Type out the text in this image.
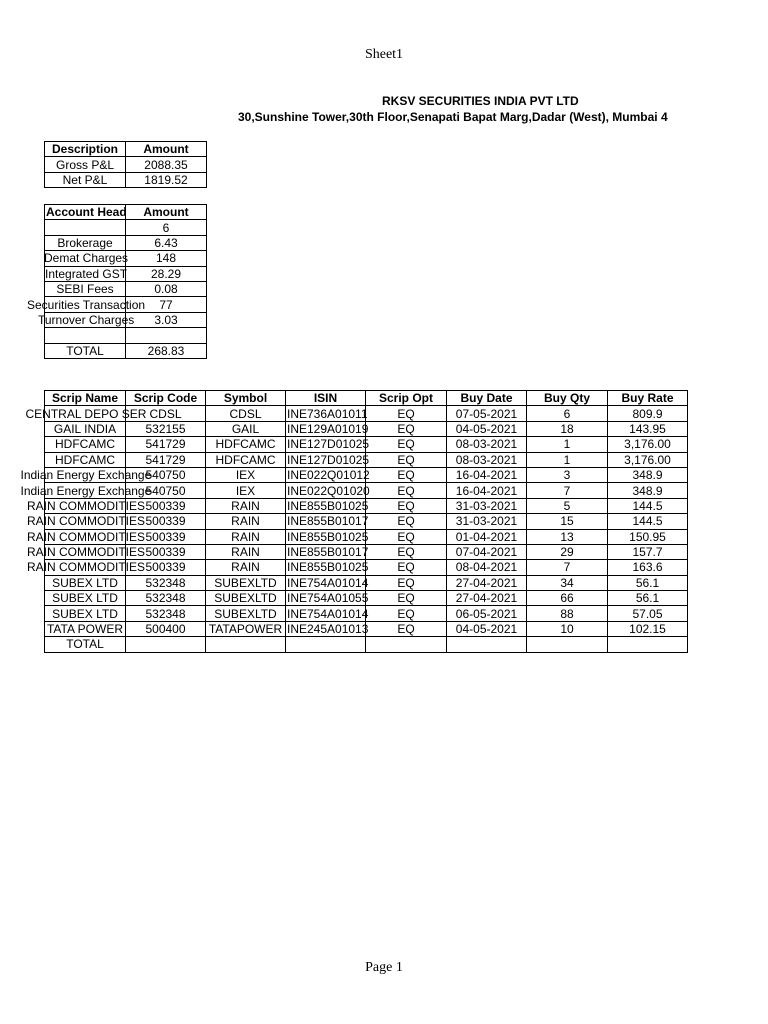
Sheet1
RKSV SECURITIES INDIA PVT LTD
30,Sunshine Tower,30th Floor,Senapati Bapat Marg,Dadar (West), Mumbai 4
Description	Amount
Gross P&L	2088.35
Net P&L	1819.52
Account Head	Amount
	6
Brokerage	6.43
Demat Charges	148
Integrated GST	28.29
SEBI Fees	0.08
Securities Transaction	77
Turnover Charges	3.03

TOTAL	268.83
Scrip Name	Scrip Code	Symbol	ISIN	Scrip Opt	Buy Date	Buy Qty	Buy Rate
CENTRAL DEPO SER	CDSL	CDSL	INE736A01011	EQ	07-05-2021	6	809.9
GAIL INDIA	532155	GAIL	INE129A01019	EQ	04-05-2021	18	143.95
HDFCAMC	541729	HDFCAMC	INE127D01025	EQ	08-03-2021	1	3,176.00
HDFCAMC	541729	HDFCAMC	INE127D01025	EQ	08-03-2021	1	3,176.00
Indian Energy Exchange	540750	IEX	INE022Q01012	EQ	16-04-2021	3	348.9
Indian Energy Exchange	540750	IEX	INE022Q01020	EQ	16-04-2021	7	348.9
RAIN COMMODITIES	500339	RAIN	INE855B01025	EQ	31-03-2021	5	144.5
RAIN COMMODITIES	500339	RAIN	INE855B01017	EQ	31-03-2021	15	144.5
RAIN COMMODITIES	500339	RAIN	INE855B01025	EQ	01-04-2021	13	150.95
RAIN COMMODITIES	500339	RAIN	INE855B01017	EQ	07-04-2021	29	157.7
RAIN COMMODITIES	500339	RAIN	INE855B01025	EQ	08-04-2021	7	163.6
SUBEX LTD	532348	SUBEXLTD	INE754A01014	EQ	27-04-2021	34	56.1
SUBEX LTD	532348	SUBEXLTD	INE754A01055	EQ	27-04-2021	66	56.1
SUBEX LTD	532348	SUBEXLTD	INE754A01014	EQ	06-05-2021	88	57.05
TATA POWER	500400	TATAPOWER	INE245A01013	EQ	04-05-2021	10	102.15
TOTAL							
Page 1
